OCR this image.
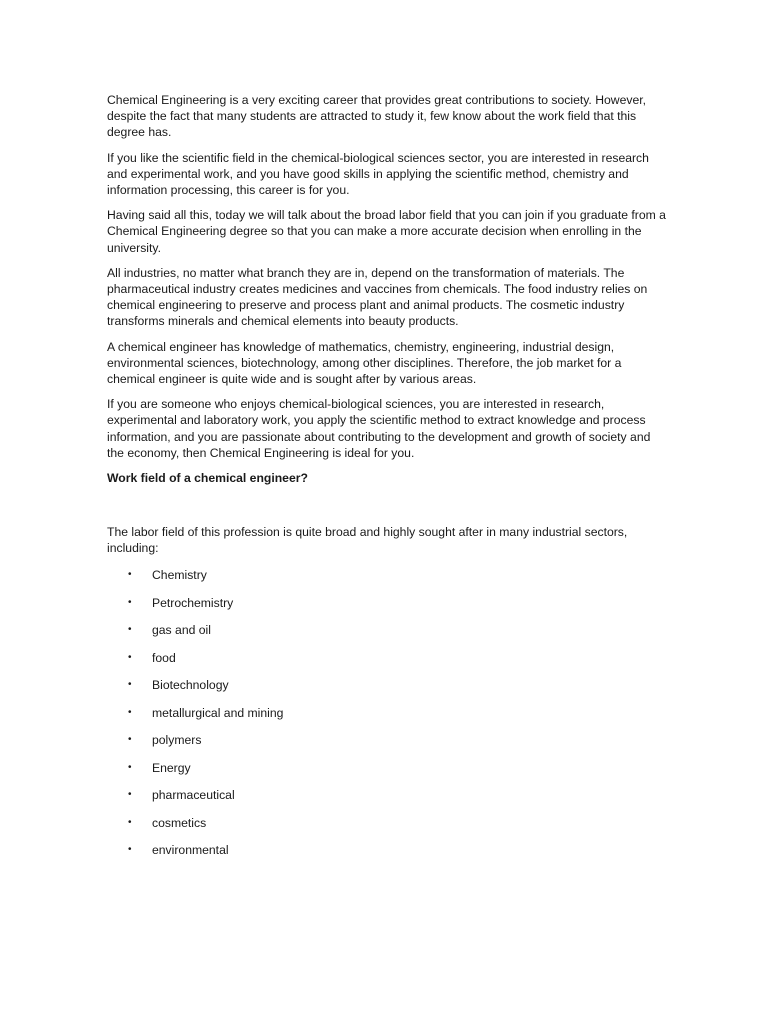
Chemical Engineering is a very exciting career that provides great contributions to society. However, despite the fact that many students are attracted to study it, few know about the work field that this degree has.

If you like the scientific field in the chemical-biological sciences sector, you are interested in research and experimental work, and you have good skills in applying the scientific method, chemistry and information processing, this career is for you.

Having said all this, today we will talk about the broad labor field that you can join if you graduate from a Chemical Engineering degree so that you can make a more accurate decision when enrolling in the university.

All industries, no matter what branch they are in, depend on the transformation of materials. The pharmaceutical industry creates medicines and vaccines from chemicals. The food industry relies on chemical engineering to preserve and process plant and animal products. The cosmetic industry transforms minerals and chemical elements into beauty products.

A chemical engineer has knowledge of mathematics, chemistry, engineering, industrial design, environmental sciences, biotechnology, among other disciplines. Therefore, the job market for a chemical engineer is quite wide and is sought after by various areas.

If you are someone who enjoys chemical-biological sciences, you are interested in research, experimental and laboratory work, you apply the scientific method to extract knowledge and process information, and you are passionate about contributing to the development and growth of society and the economy, then Chemical Engineering is ideal for you.

Work field of a chemical engineer?

The labor field of this profession is quite broad and highly sought after in many industrial sectors, including:

• Chemistry
• Petrochemistry
• gas and oil
• food
• Biotechnology
• metallurgical and mining
• polymers
• Energy
• pharmaceutical
• cosmetics
• environmental
